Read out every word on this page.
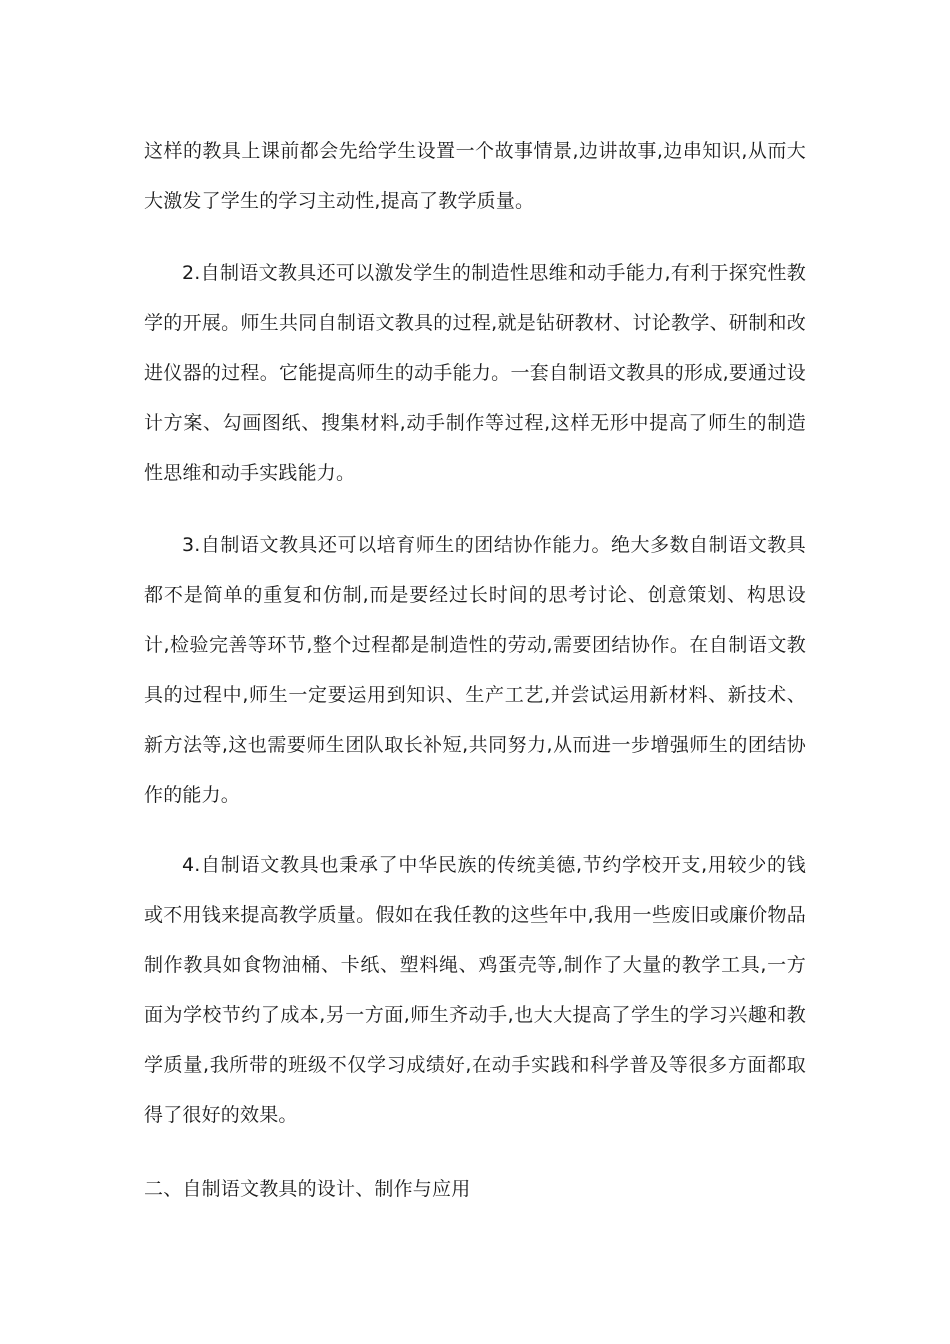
这样的教具上课前都会先给学生设置一个故事情景,边讲故事,边串知识,从而大大激发了学生的学习主动性,提高了教学质量。

2.自制语文教具还可以激发学生的制造性思维和动手能力,有利于探究性教学的开展。师生共同自制语文教具的过程,就是钻研教材、讨论教学、研制和改进仪器的过程。它能提高师生的动手能力。一套自制语文教具的形成,要通过设计方案、勾画图纸、搜集材料,动手制作等过程,这样无形中提高了师生的制造性思维和动手实践能力。

3.自制语文教具还可以培育师生的团结协作能力。绝大多数自制语文教具都不是简单的重复和仿制,而是要经过长时间的思考讨论、创意策划、构思设计,检验完善等环节,整个过程都是制造性的劳动,需要团结协作。在自制语文教具的过程中,师生一定要运用到知识、生产工艺,并尝试运用新材料、新技术、新方法等,这也需要师生团队取长补短,共同努力,从而进一步增强师生的团结协作的能力。

4.自制语文教具也秉承了中华民族的传统美德,节约学校开支,用较少的钱或不用钱来提高教学质量。假如在我任教的这些年中,我用一些废旧或廉价物品制作教具如食物油桶、卡纸、塑料绳、鸡蛋壳等,制作了大量的教学工具,一方面为学校节约了成本,另一方面,师生齐动手,也大大提高了学生的学习兴趣和教学质量,我所带的班级不仅学习成绩好,在动手实践和科学普及等很多方面都取得了很好的效果。

二、自制语文教具的设计、制作与应用
